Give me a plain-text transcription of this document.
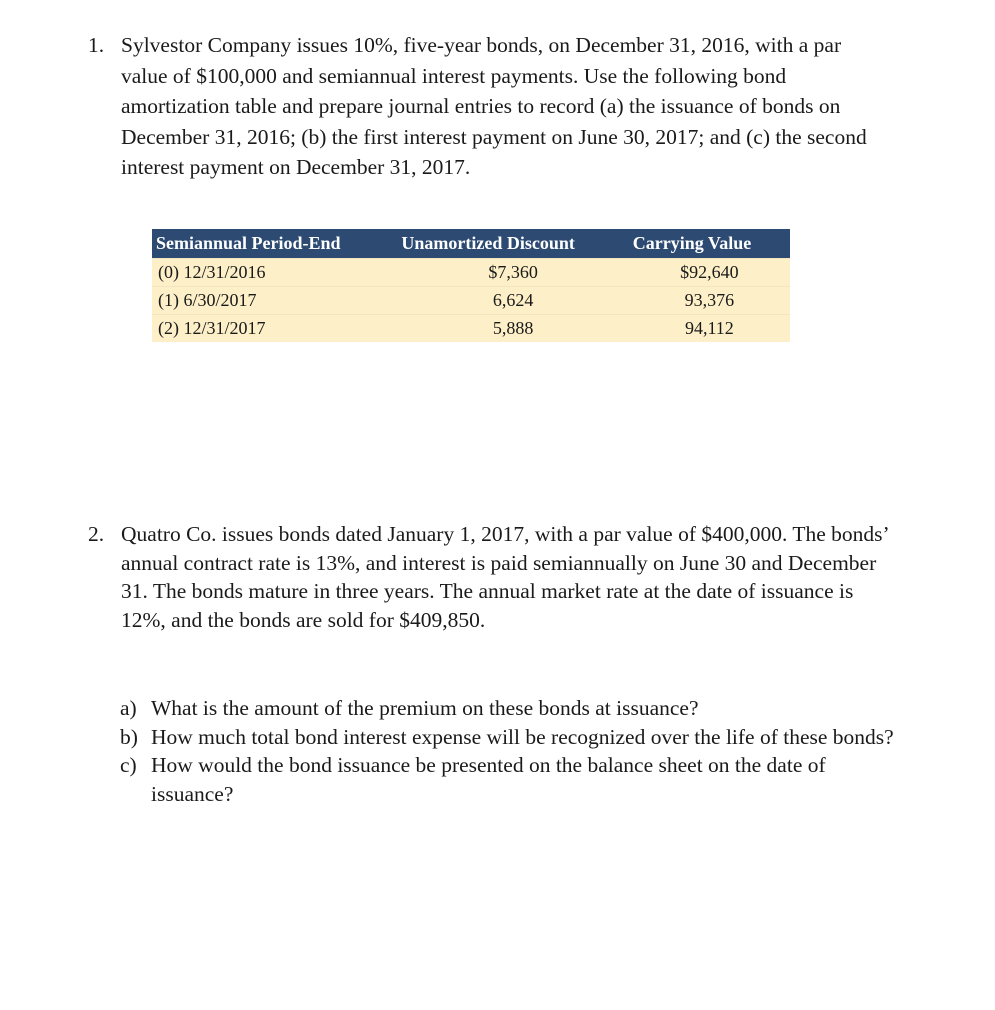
1. Sylvestor Company issues 10%, five-year bonds, on December 31, 2016, with a par value of $100,000 and semiannual interest payments. Use the following bond amortization table and prepare journal entries to record (a) the issuance of bonds on December 31, 2016; (b) the first interest payment on June 30, 2017; and (c) the second interest payment on December 31, 2017.
Semiannual Period-End	Unamortized Discount	Carrying Value
(0) 12/31/2016	$7,360	$92,640
(1) 6/30/2017	6,624	93,376
(2) 12/31/2017	5,888	94,112
2. Quatro Co. issues bonds dated January 1, 2017, with a par value of $400,000. The bonds’ annual contract rate is 13%, and interest is paid semiannually on June 30 and December 31. The bonds mature in three years. The annual market rate at the date of issuance is 12%, and the bonds are sold for $409,850.
a) What is the amount of the premium on these bonds at issuance?
b) How much total bond interest expense will be recognized over the life of these bonds?
c) How would the bond issuance be presented on the balance sheet on the date of issuance?
